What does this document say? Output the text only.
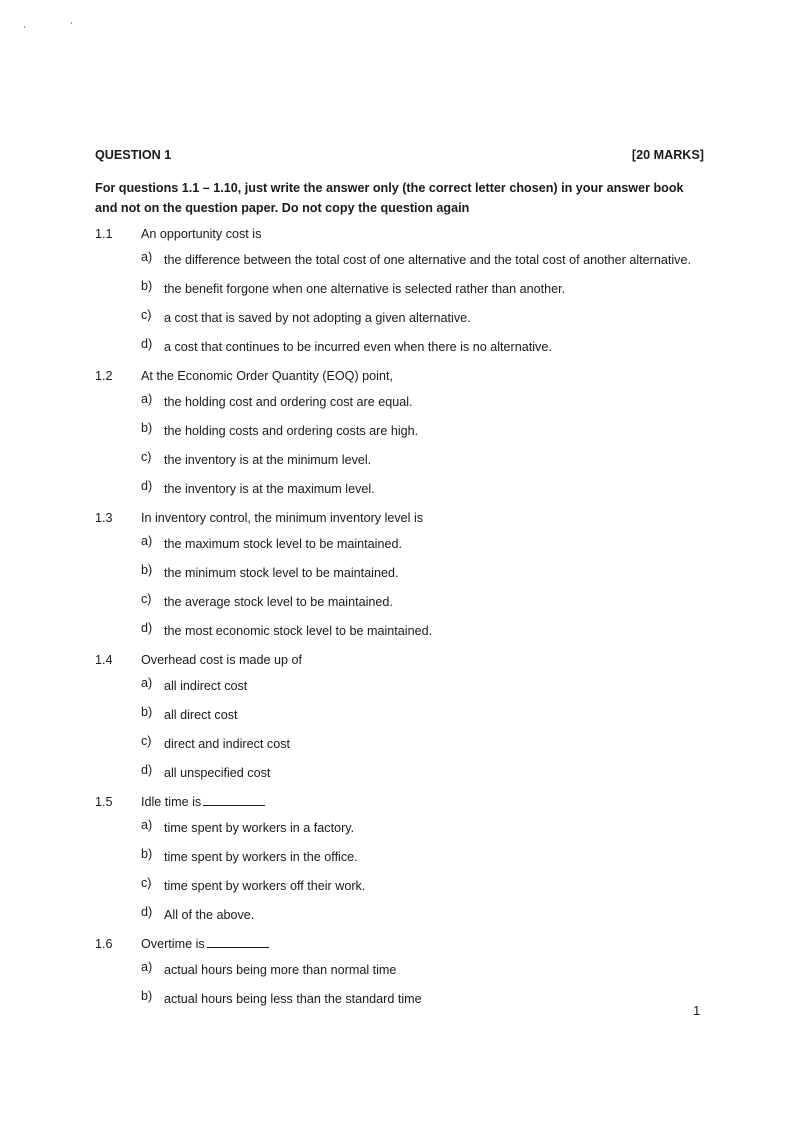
QUESTION 1	[20 MARKS]
For questions 1.1 – 1.10, just write the answer only (the correct letter chosen) in your answer book and not on the question paper. Do not copy the question again
1.1 An opportunity cost is
a) the difference between the total cost of one alternative and the total cost of another alternative.
b) the benefit forgone when one alternative is selected rather than another.
c) a cost that is saved by not adopting a given alternative.
d) a cost that continues to be incurred even when there is no alternative.
1.2 At the Economic Order Quantity (EOQ) point,
a) the holding cost and ordering cost are equal.
b) the holding costs and ordering costs are high.
c) the inventory is at the minimum level.
d) the inventory is at the maximum level.
1.3 In inventory control, the minimum inventory level is
a) the maximum stock level to be maintained.
b) the minimum stock level to be maintained.
c) the average stock level to be maintained.
d) the most economic stock level to be maintained.
1.4 Overhead cost is made up of
a) all indirect cost
b) all direct cost
c) direct and indirect cost
d) all unspecified cost
1.5 Idle time is
a) time spent by workers in a factory.
b) time spent by workers in the office.
c) time spent by workers off their work.
d) All of the above.
1.6 Overtime is
a) actual hours being more than normal time
b) actual hours being less than the standard time
1
